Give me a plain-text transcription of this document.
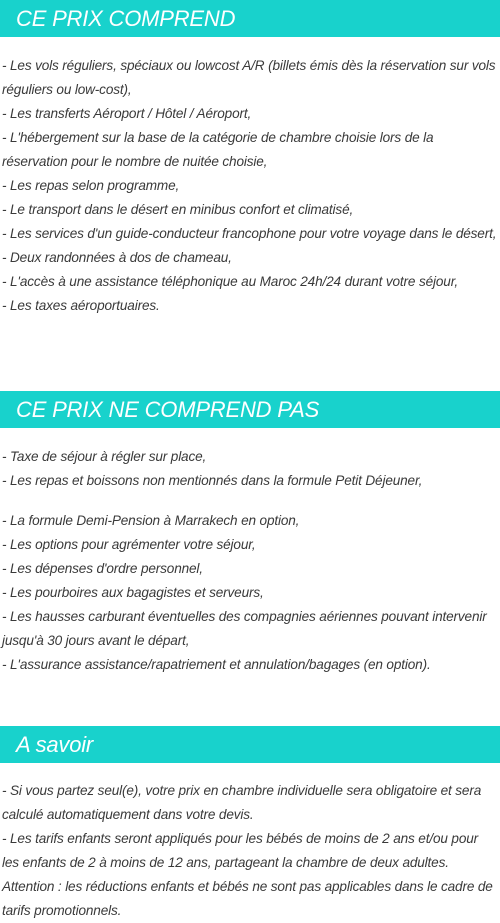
CE PRIX COMPREND
- Les vols réguliers, spéciaux ou lowcost A/R (billets émis dès la réservation sur vols réguliers ou low-cost),
- Les transferts Aéroport / Hôtel / Aéroport,
- L'hébergement sur la base de la catégorie de chambre choisie lors de la réservation pour le nombre de nuitée choisie,
- Les repas selon programme,
- Le transport dans le désert en minibus confort et climatisé,
- Les services d'un guide-conducteur francophone pour votre voyage dans le désert,
- Deux randonnées à dos de chameau,
- L'accès à une assistance téléphonique au Maroc 24h/24 durant votre séjour,
- Les taxes aéroportuaires.
CE PRIX NE COMPREND PAS
- Taxe de séjour à régler sur place,
- Les repas et boissons non mentionnés dans la formule Petit Déjeuner,
- La formule Demi-Pension à Marrakech en option,
- Les options pour agrémenter votre séjour,
- Les dépenses d'ordre personnel,
- Les pourboires aux bagagistes et serveurs,
- Les hausses carburant éventuelles des compagnies aériennes pouvant intervenir jusqu'à 30 jours avant le départ,
- L'assurance assistance/rapatriement et annulation/bagages (en option).
A savoir
- Si vous partez seul(e), votre prix en chambre individuelle sera obligatoire et sera calculé automatiquement dans votre devis.
- Les tarifs enfants seront appliqués pour les bébés de moins de 2 ans et/ou pour les enfants de 2 à moins de 12 ans, partageant la chambre de deux adultes.
Attention : les réductions enfants et bébés ne sont pas applicables dans le cadre de tarifs promotionnels.
